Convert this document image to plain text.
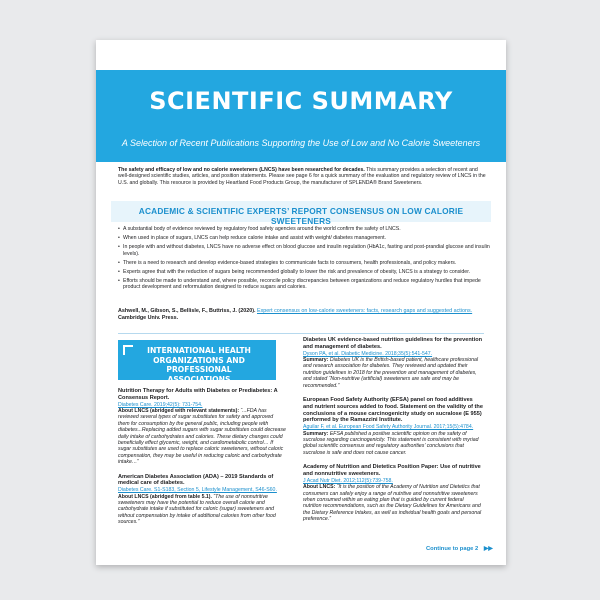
SCIENTIFIC SUMMARY
A Selection of Recent Publications Supporting the Use of Low and No Calorie Sweeteners
The safety and efficacy of low and no calorie sweeteners (LNCS) have been researched for decades. This summary provides a selection of recent and well-designed scientific studies, articles, and position statements. Please see page 6 for a quick summary of the evaluation and regulatory review of LNCS in the U.S. and globally. This resource is provided by Heartland Food Products Group, the manufacturer of SPLENDA® Brand Sweeteners.
ACADEMIC & SCIENTIFIC EXPERTS’ REPORT CONSENSUS ON LOW CALORIE SWEETENERS
• A substantial body of evidence reviewed by regulatory food safety agencies around the world confirm the safety of LNCS.
• When used in place of sugars, LNCS can help reduce calorie intake and assist with weight/ diabetes management.
• In people with and without diabetes, LNCS have no adverse effect on blood glucose and insulin regulation (HbA1c, fasting and post-prandial glucose and insulin levels).
• There is a need to research and develop evidence-based strategies to communicate facts to consumers, health professionals, and policy makers.
• Experts agree that with the reduction of sugars being recommended globally to lower the risk and prevalence of obesity, LNCS is a strategy to consider.
• Efforts should be made to understand and, where possible, reconcile policy discrepancies between organizations and reduce regulatory hurdles that impede product development and reformulation designed to reduce sugars and calories.
Ashwell, M., Gibson, S., Bellisle, F., Buttriss, J. (2020). Expert consensus on low-calorie sweeteners: facts, research gaps and suggested actions. Cambridge Univ. Press.
INTERNATIONAL HEALTH ORGANIZATIONS AND PROFESSIONAL ASSOCIATIONS
Nutrition Therapy for Adults with Diabetes or Prediabetes: A Consensus Report.
Diabetes Care. 2019;42(5): 731-754.
About LNCS (abridged with relevant statements): “...FDA has reviewed several types of sugar substitutes for safety and approved them for consumption by the general public, including people with diabetes...Replacing added sugars with sugar substitutes could decrease daily intake of carbohydrates and calories. These dietary changes could beneficially effect glycemic, weight, and cardiometabolic control… If sugar substitutes are used to replace caloric sweeteners, without caloric compensation, they may be useful in reducing caloric and carbohydrate intake…”
American Diabetes Association (ADA) – 2019 Standards of medical care of diabetes.
Diabetes Care. S1-S183, Section 5, Lifestyle Management, S46-S60.
About LNCS (abridged from table 5.1). “The use of nonnutritive sweeteners may have the potential to reduce overall calorie and carbohydrate intake if substituted for caloric (sugar) sweeteners and without compensation by intake of additional calories from other food sources.”
Diabetes UK evidence-based nutrition guidelines for the prevention and management of diabetes.
Dyson PA, et al. Diabetic Medicine. 2018;35(5):541-547.
Summary: Diabetes UK is the British-based patient, healthcare professional and research association for diabetes. They reviewed and updated their nutrition guidelines in 2018 for the prevention and management of diabetes, and stated “Non-nutritive (artificial) sweeteners are safe and may be recommended.”
European Food Safety Authority (EFSA) panel on food additives and nutrient sources added to food. Statement on the validity of the conclusions of a mouse carcinogenicity study on sucralose (E 955) performed by the Ramazzini Institute.
Aguilar F, et al. European Food Safety Authority Journal. 2017;15(5):4784.
Summary: EFSA published a positive scientific opinion on the safety of sucralose regarding carcinogenicity. This statement is consistent with myriad global scientific consensus and regulatory authorities’ conclusions that sucralose is safe and does not cause cancer.
Academy of Nutrition and Dietetics Position Paper: Use of nutritive and nonnutritive sweeteners.
J Acad Nutr Diet. 2012;112(5):739-758.
About LNCS: “It is the position of the Academy of Nutrition and Dietetics that consumers can safely enjoy a range of nutritive and nonnutritive sweeteners when consumed within an eating plan that is guided by current federal nutrition recommendations, such as the Dietary Guidelines for Americans and the Dietary Reference Intakes, as well as individual health goals and personal preference.”
Continue to page 2 ▶▶
